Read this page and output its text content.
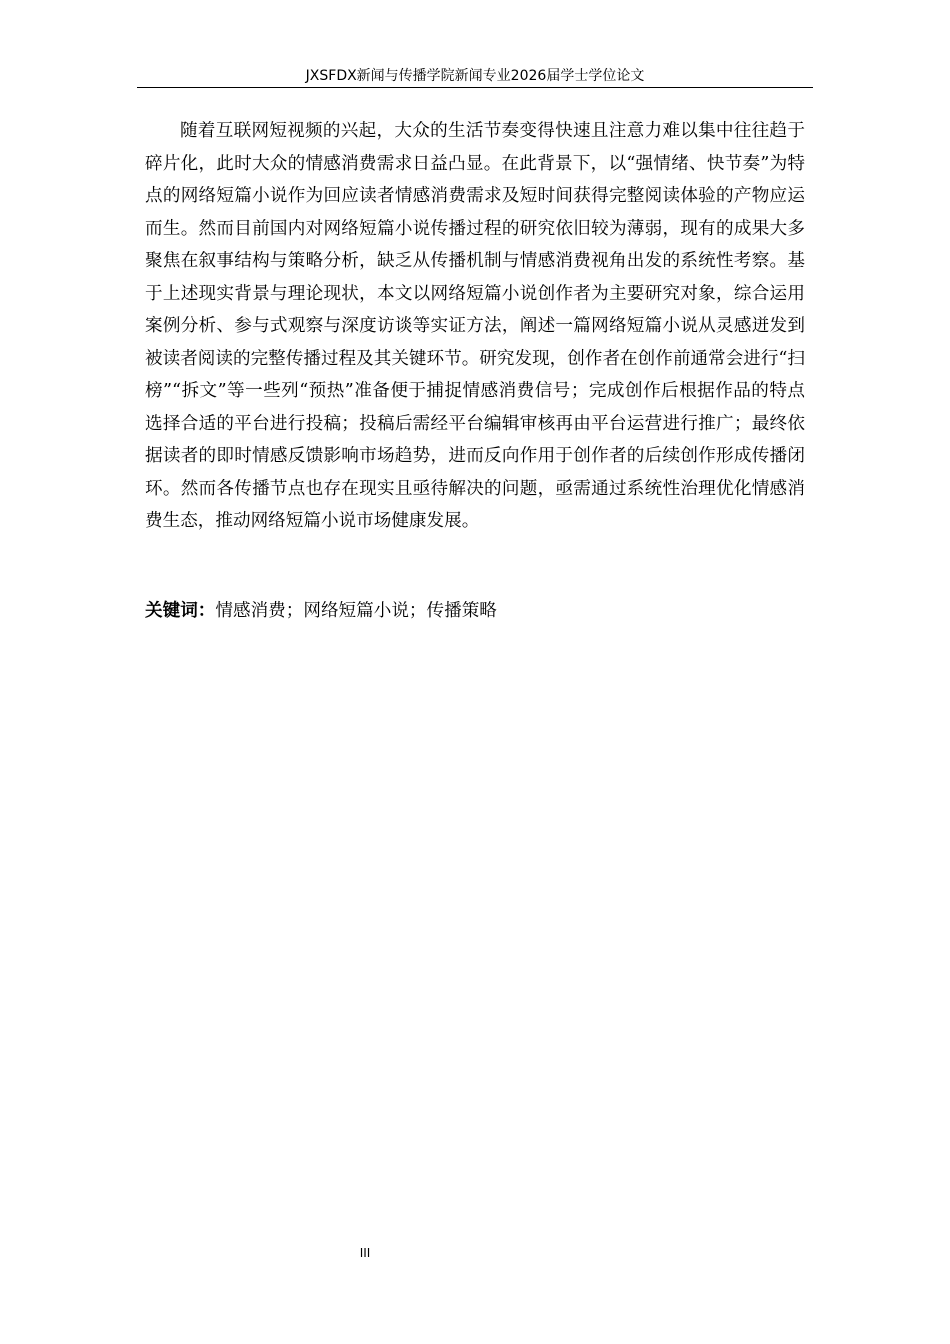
JXSFDX新闻与传播学院新闻专业2026届学士学位论文

随着互联网短视频的兴起，大众的生活节奏变得快速且注意力难以集中往往趋于碎片化，此时大众的情感消费需求日益凸显。在此背景下，以“强情绪、快节奏”为特点的网络短篇小说作为回应读者情感消费需求及短时间获得完整阅读体验的产物应运而生。然而目前国内对网络短篇小说传播过程的研究依旧较为薄弱，现有的成果大多聚焦在叙事结构与策略分析，缺乏从传播机制与情感消费视角出发的系统性考察。基于上述现实背景与理论现状，本文以网络短篇小说创作者为主要研究对象，综合运用案例分析、参与式观察与深度访谈等实证方法，阐述一篇网络短篇小说从灵感迸发到被读者阅读的完整传播过程及其关键环节。研究发现，创作者在创作前通常会进行“扫榜”“拆文”等一些列“预热”准备便于捕捉情感消费信号；完成创作后根据作品的特点选择合适的平台进行投稿；投稿后需经平台编辑审核再由平台运营进行推广；最终依据读者的即时情感反馈影响市场趋势，进而反向作用于创作者的后续创作形成传播闭环。然而各传播节点也存在现实且亟待解决的问题，亟需通过系统性治理优化情感消费生态，推动网络短篇小说市场健康发展。

关键词：情感消费；网络短篇小说；传播策略

III
